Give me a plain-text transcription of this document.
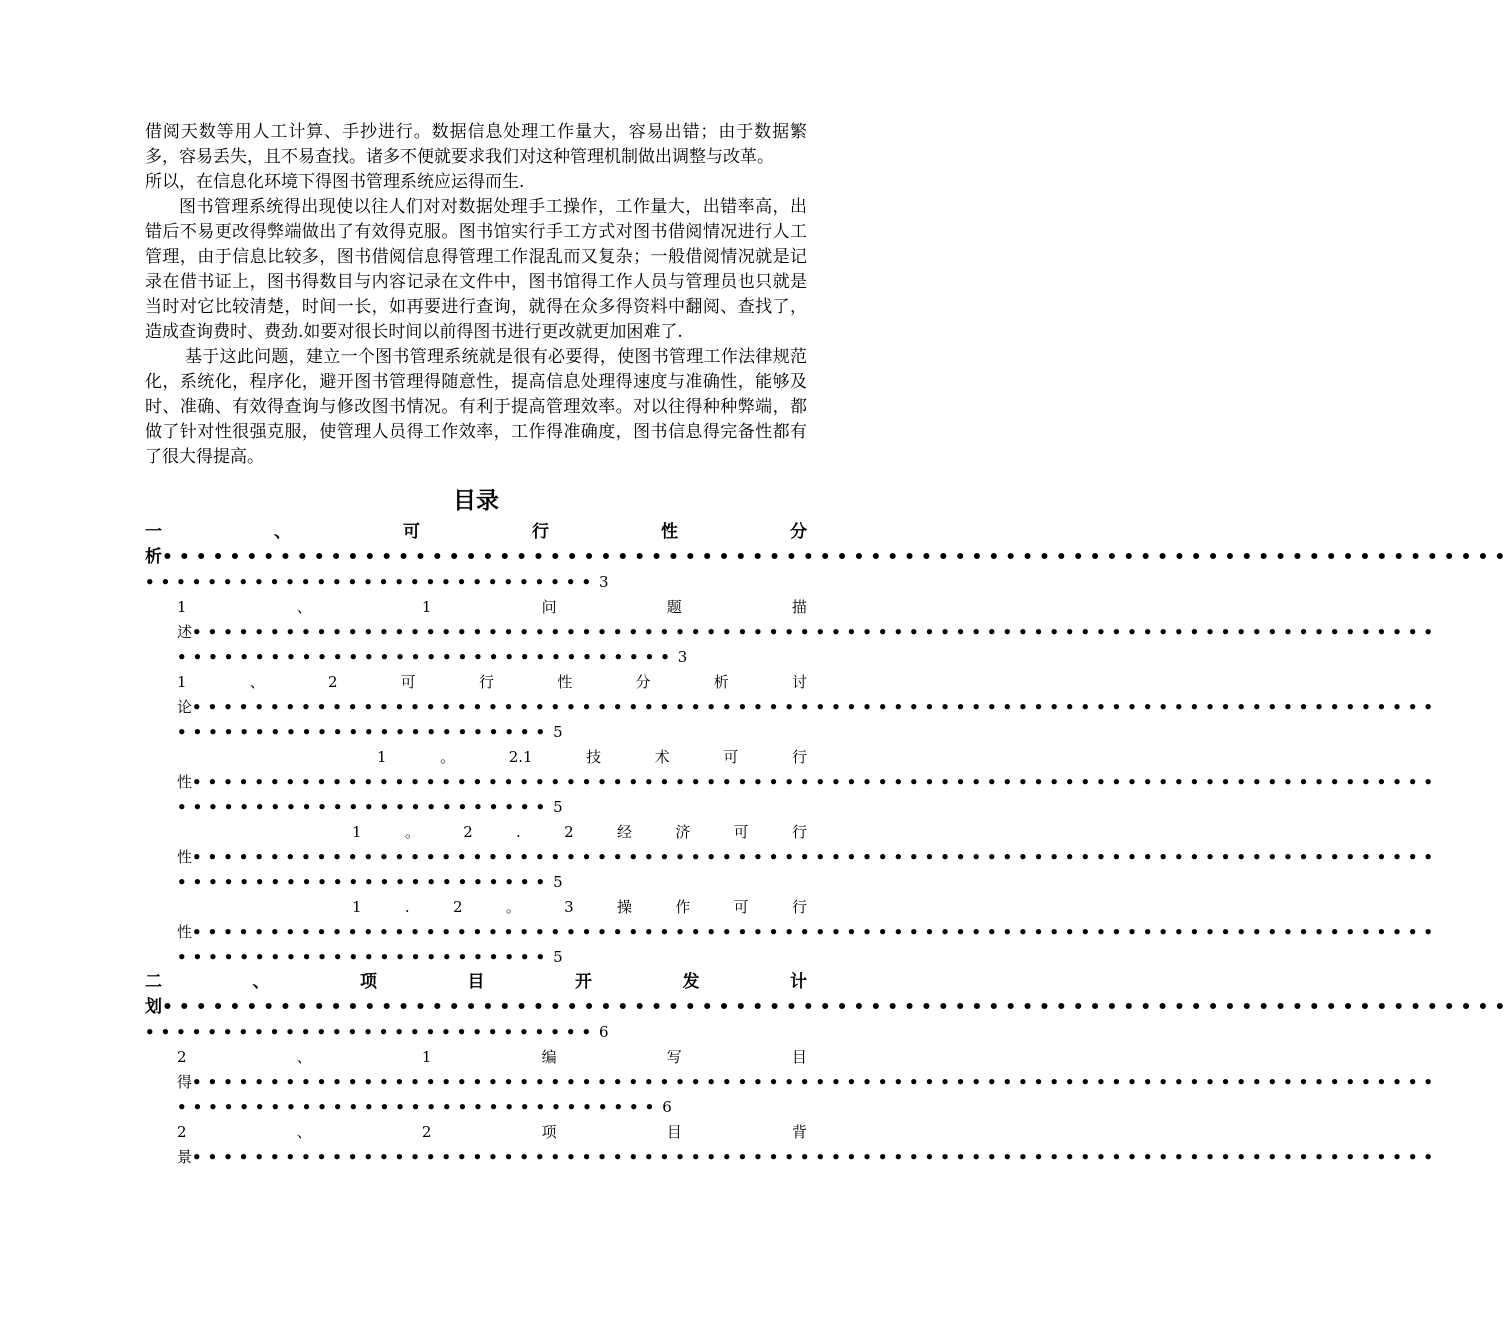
借阅天数等用人工计算、手抄进行。数据信息处理工作量大，容易出错；由于数据繁多，容易丢失，且不易查找。诸多不便就要求我们对这种管理机制做出调整与改革。

所以，在信息化环境下得图书管理系统应运得而生.

图书管理系统得出现使以往人们对对数据处理手工操作，工作量大，出错率高，出错后不易更改得弊端做出了有效得克服。图书馆实行手工方式对图书借阅情况进行人工管理，由于信息比较多，图书借阅信息得管理工作混乱而又复杂；一般借阅情况就是记录在借书证上，图书得数目与内容记录在文件中，图书馆得工作人员与管理员也只就是当时对它比较清楚，时间一长，如再要进行查询，就得在众多得资料中翻阅、查找了，造成查询费时、费劲.如要对很长时间以前得图书进行更改就更加困难了.

基于这此问题，建立一个图书管理系统就是很有必要得，使图书管理工作法律规范化，系统化，程序化，避开图书管理得随意性，提高信息处理得速度与准确性，能够及时、准确、有效得查询与修改图书情况。有利于提高管理效率。对以往得种种弊端，都做了针对性很强克服，使管理人员得工作效率，工作得准确度，图书信息得完备性都有了很大得提高。

目录
一	、	可	行	性	分
析 ••••••••••••••••••••••••••••••••••••••••••••••••••••••••••••••••••••••••••••••••
••••••••••••••••••••••••••••• 3
1	、	1	问	题	描
述 ••••••••••••••••••••••••••••••••••••••••••••••••••••••••••••••••••••••••••••••••
•••••••••••••••••••••••••••••••• 3
1	、	2	可	行	性	分	析	讨
论 ••••••••••••••••••••••••••••••••••••••••••••••••••••••••••••••••••••••••••••••••
•••••••••••••••••••••••• 5
1	。	2.1	技	术	可	行
性 ••••••••••••••••••••••••••••••••••••••••••••••••••••••••••••••••••••••••••••••••
•••••••••••••••••••••••• 5
1	。	2	.	2	经	济	可	行
性 ••••••••••••••••••••••••••••••••••••••••••••••••••••••••••••••••••••••••••••••••
•••••••••••••••••••••••• 5
1	.	2	。	3	操	作	可	行
性 ••••••••••••••••••••••••••••••••••••••••••••••••••••••••••••••••••••••••••••••••
•••••••••••••••••••••••• 5
二	、	项	目	开	发	计
划 ••••••••••••••••••••••••••••••••••••••••••••••••••••••••••••••••••••••••••••••••
••••••••••••••••••••••••••••• 6
2	、	1	编	写	目
得 ••••••••••••••••••••••••••••••••••••••••••••••••••••••••••••••••••••••••••••••••
••••••••••••••••••••••••••••••• 6
2	、	2	项	目	背
景 ••••••••••••••••••••••••••••••••••••••••••••••••••••••••••••••••••••••••••••••••
